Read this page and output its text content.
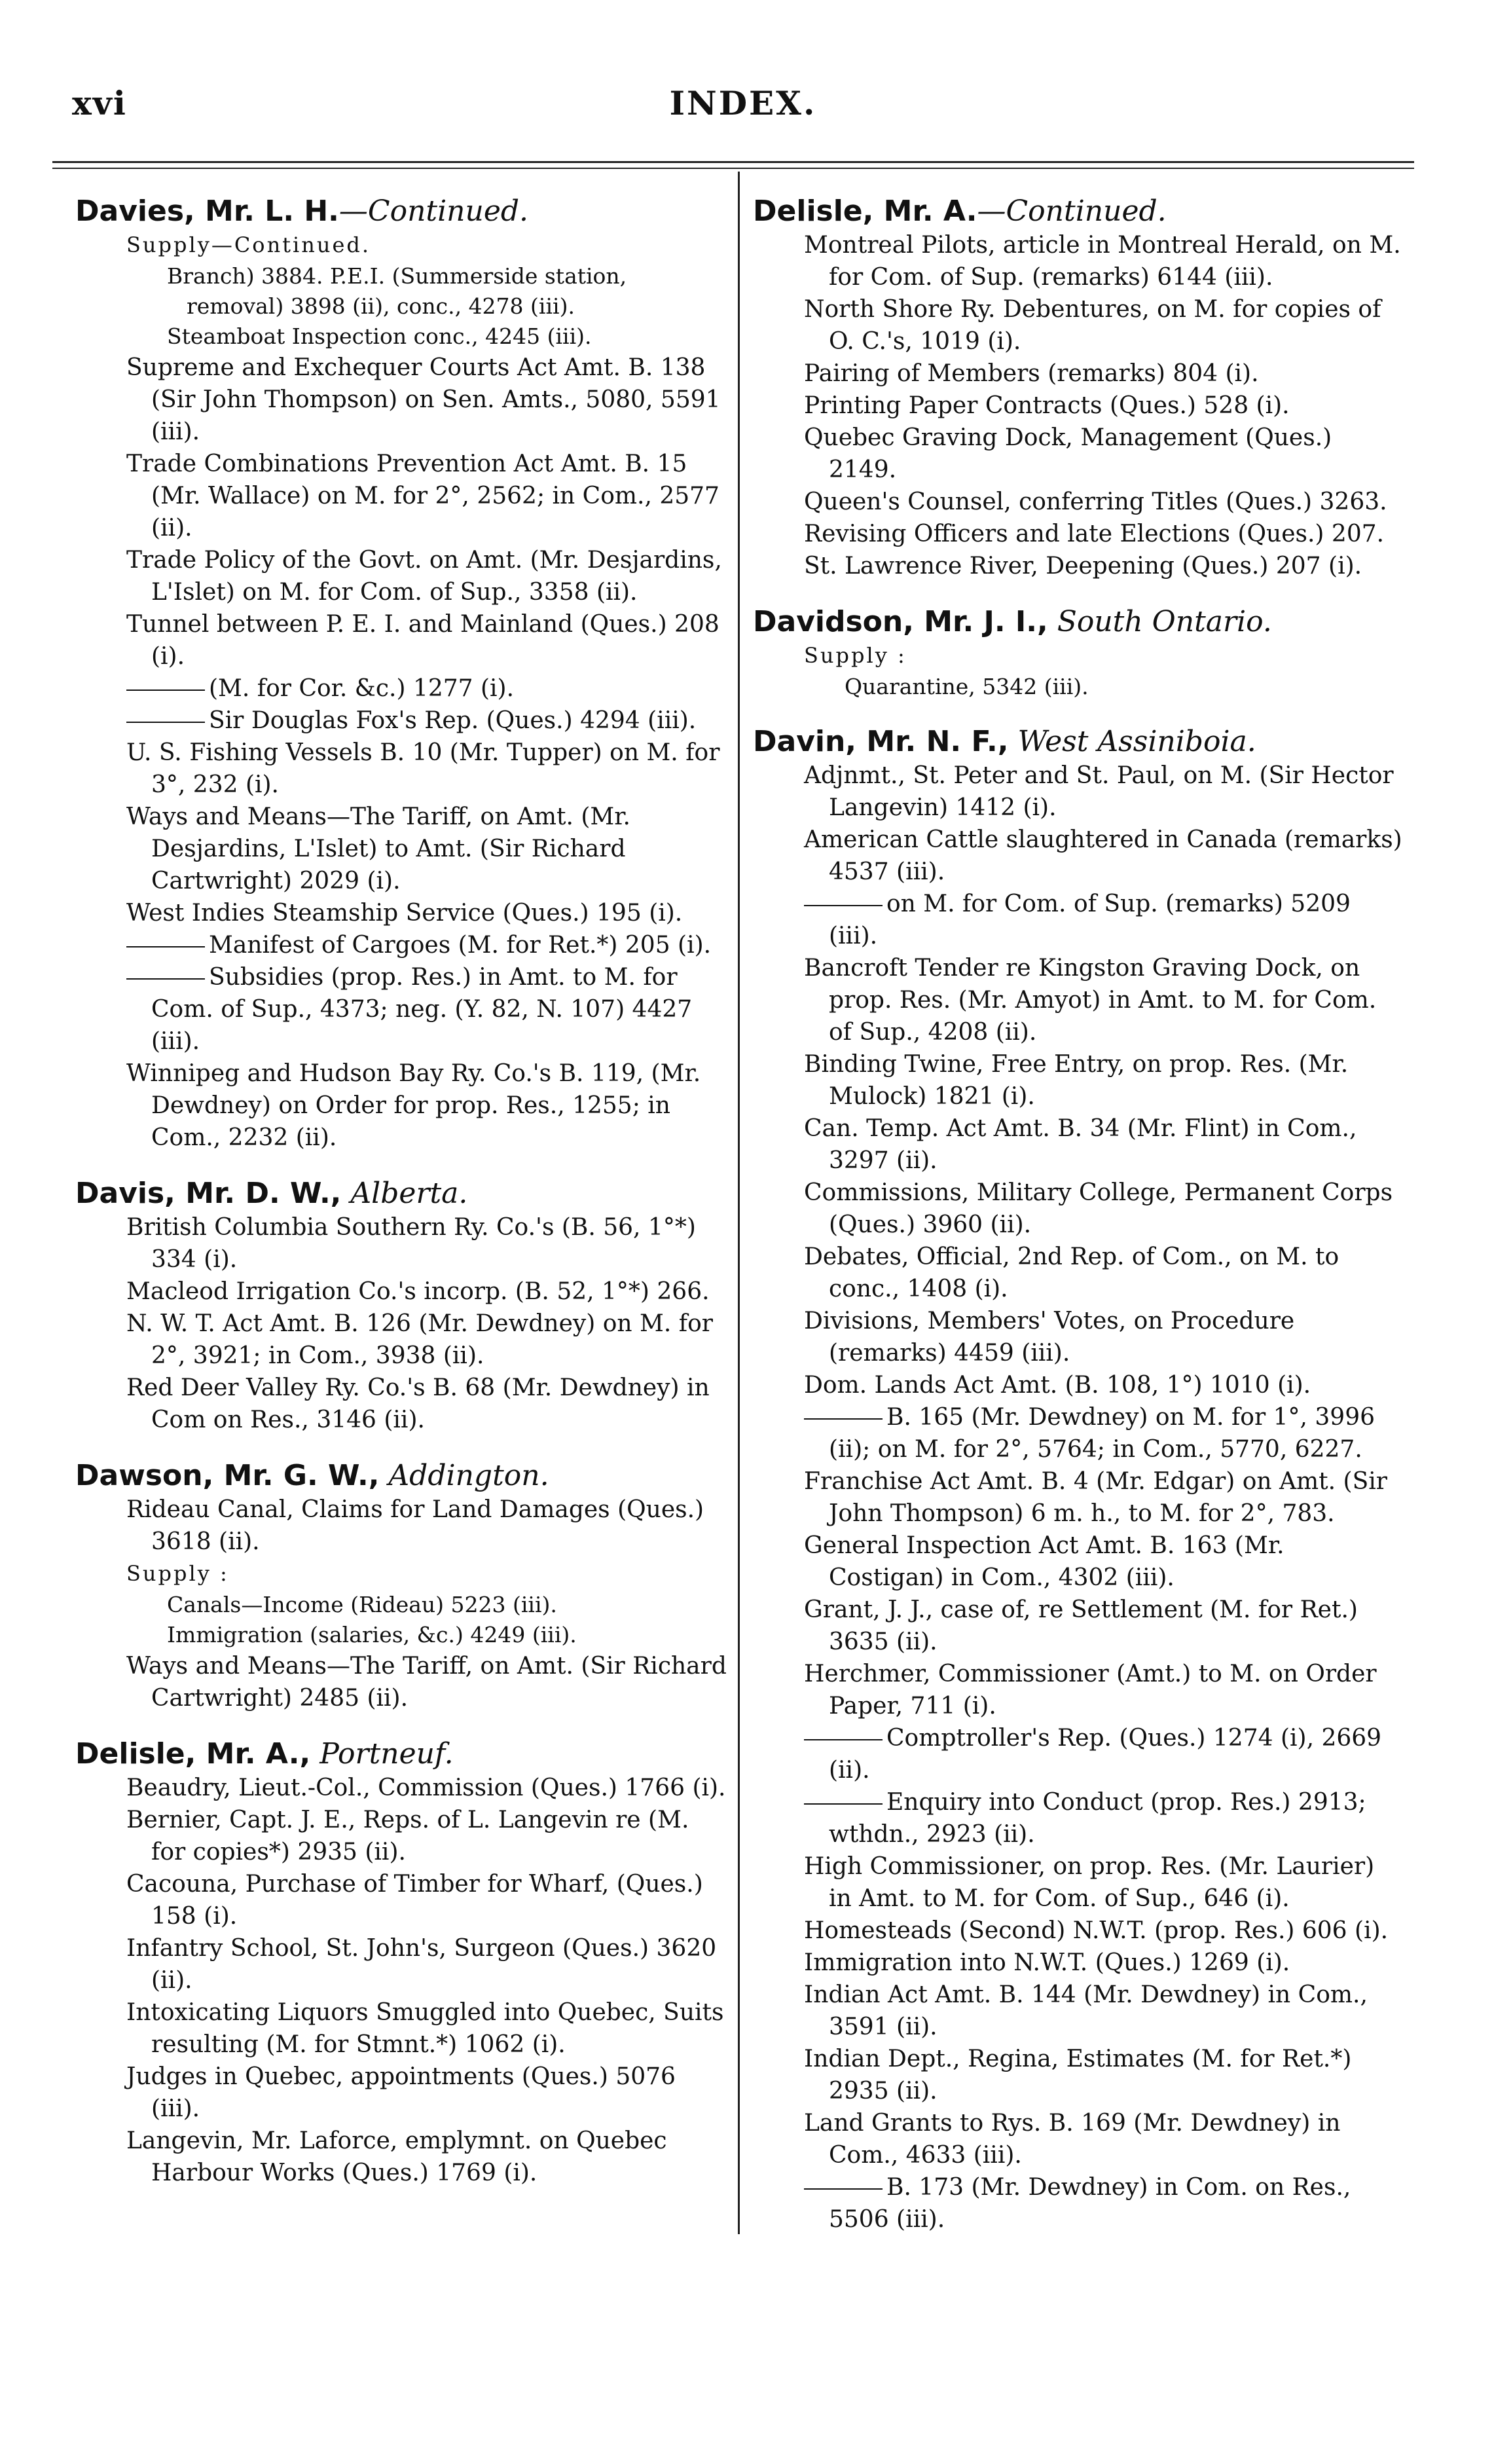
xvi	INDEX.
Davies, Mr. L. H.—Continued.
Supply—Continued.
Branch) 3884. P.E.I. (Summerside station, removal) 3898 (ii), conc., 4278 (iii).
Steamboat Inspection conc., 4245 (iii).
Supreme and Exchequer Courts Act Amt. B. 138 (Sir John Thompson) on Sen. Amts., 5080, 5591 (iii).
Trade Combinations Prevention Act Amt. B. 15 (Mr. Wallace) on M. for 2°, 2562; in Com., 2577 (ii).
Trade Policy of the Govt. on Amt. (Mr. Desjardins, L'Islet) on M. for Com. of Sup., 3358 (ii).
Tunnel between P. E. I. and Mainland (Ques.) 208 (i).
(M. for Cor. &c.) 1277 (i).
Sir Douglas Fox's Rep. (Ques.) 4294 (iii).
U. S. Fishing Vessels B. 10 (Mr. Tupper) on M. for 3°, 232 (i).
Ways and Means—The Tariff, on Amt. (Mr. Desjardins, L'Islet) to Amt. (Sir Richard Cartwright) 2029 (i).
West Indies Steamship Service (Ques.) 195 (i).
Manifest of Cargoes (M. for Ret.*) 205 (i).
Subsidies (prop. Res.) in Amt. to M. for Com. of Sup., 4373; neg. (Y. 82, N. 107) 4427 (iii).
Winnipeg and Hudson Bay Ry. Co.'s B. 119, (Mr. Dewdney) on Order for prop. Res., 1255; in Com., 2232 (ii).
Davis, Mr. D. W., Alberta.
British Columbia Southern Ry. Co.'s (B. 56, 1°*) 334 (i).
Macleod Irrigation Co.'s incorp. (B. 52, 1°*) 266.
N. W. T. Act Amt. B. 126 (Mr. Dewdney) on M. for 2°, 3921; in Com., 3938 (ii).
Red Deer Valley Ry. Co.'s B. 68 (Mr. Dewdney) in Com on Res., 3146 (ii).
Dawson, Mr. G. W., Addington.
Rideau Canal, Claims for Land Damages (Ques.) 3618 (ii).
Supply :
Canals—Income (Rideau) 5223 (iii).
Immigration (salaries, &c.) 4249 (iii).
Ways and Means—The Tariff, on Amt. (Sir Richard Cartwright) 2485 (ii).
Delisle, Mr. A., Portneuf.
Beaudry, Lieut.-Col., Commission (Ques.) 1766 (i).
Bernier, Capt. J. E., Reps. of L. Langevin re (M. for copies*) 2935 (ii).
Cacouna, Purchase of Timber for Wharf, (Ques.) 158 (i).
Infantry School, St. John's, Surgeon (Ques.) 3620 (ii).
Intoxicating Liquors Smuggled into Quebec, Suits resulting (M. for Stmnt.*) 1062 (i).
Judges in Quebec, appointments (Ques.) 5076 (iii).
Langevin, Mr. Laforce, emplymnt. on Quebec Harbour Works (Ques.) 1769 (i).
Delisle, Mr. A.—Continued.
Montreal Pilots, article in Montreal Herald, on M. for Com. of Sup. (remarks) 6144 (iii).
North Shore Ry. Debentures, on M. for copies of O. C.'s, 1019 (i).
Pairing of Members (remarks) 804 (i).
Printing Paper Contracts (Ques.) 528 (i).
Quebec Graving Dock, Management (Ques.) 2149.
Queen's Counsel, conferring Titles (Ques.) 3263.
Revising Officers and late Elections (Ques.) 207.
St. Lawrence River, Deepening (Ques.) 207 (i).
Davidson, Mr. J. I., South Ontario.
Supply :
Quarantine, 5342 (iii).
Davin, Mr. N. F., West Assiniboia.
Adjnmt., St. Peter and St. Paul, on M. (Sir Hector Langevin) 1412 (i).
American Cattle slaughtered in Canada (remarks) 4537 (iii).
on M. for Com. of Sup. (remarks) 5209 (iii).
Bancroft Tender re Kingston Graving Dock, on prop. Res. (Mr. Amyot) in Amt. to M. for Com. of Sup., 4208 (ii).
Binding Twine, Free Entry, on prop. Res. (Mr. Mulock) 1821 (i).
Can. Temp. Act Amt. B. 34 (Mr. Flint) in Com., 3297 (ii).
Commissions, Military College, Permanent Corps (Ques.) 3960 (ii).
Debates, Official, 2nd Rep. of Com., on M. to conc., 1408 (i).
Divisions, Members' Votes, on Procedure (remarks) 4459 (iii).
Dom. Lands Act Amt. (B. 108, 1°) 1010 (i).
B. 165 (Mr. Dewdney) on M. for 1°, 3996 (ii); on M. for 2°, 5764; in Com., 5770, 6227.
Franchise Act Amt. B. 4 (Mr. Edgar) on Amt. (Sir John Thompson) 6 m. h., to M. for 2°, 783.
General Inspection Act Amt. B. 163 (Mr. Costigan) in Com., 4302 (iii).
Grant, J. J., case of, re Settlement (M. for Ret.) 3635 (ii).
Herchmer, Commissioner (Amt.) to M. on Order Paper, 711 (i).
Comptroller's Rep. (Ques.) 1274 (i), 2669 (ii).
Enquiry into Conduct (prop. Res.) 2913; wthdn., 2923 (ii).
High Commissioner, on prop. Res. (Mr. Laurier) in Amt. to M. for Com. of Sup., 646 (i).
Homesteads (Second) N.W.T. (prop. Res.) 606 (i).
Immigration into N.W.T. (Ques.) 1269 (i).
Indian Act Amt. B. 144 (Mr. Dewdney) in Com., 3591 (ii).
Indian Dept., Regina, Estimates (M. for Ret.*) 2935 (ii).
Land Grants to Rys. B. 169 (Mr. Dewdney) in Com., 4633 (iii).
B. 173 (Mr. Dewdney) in Com. on Res., 5506 (iii).
